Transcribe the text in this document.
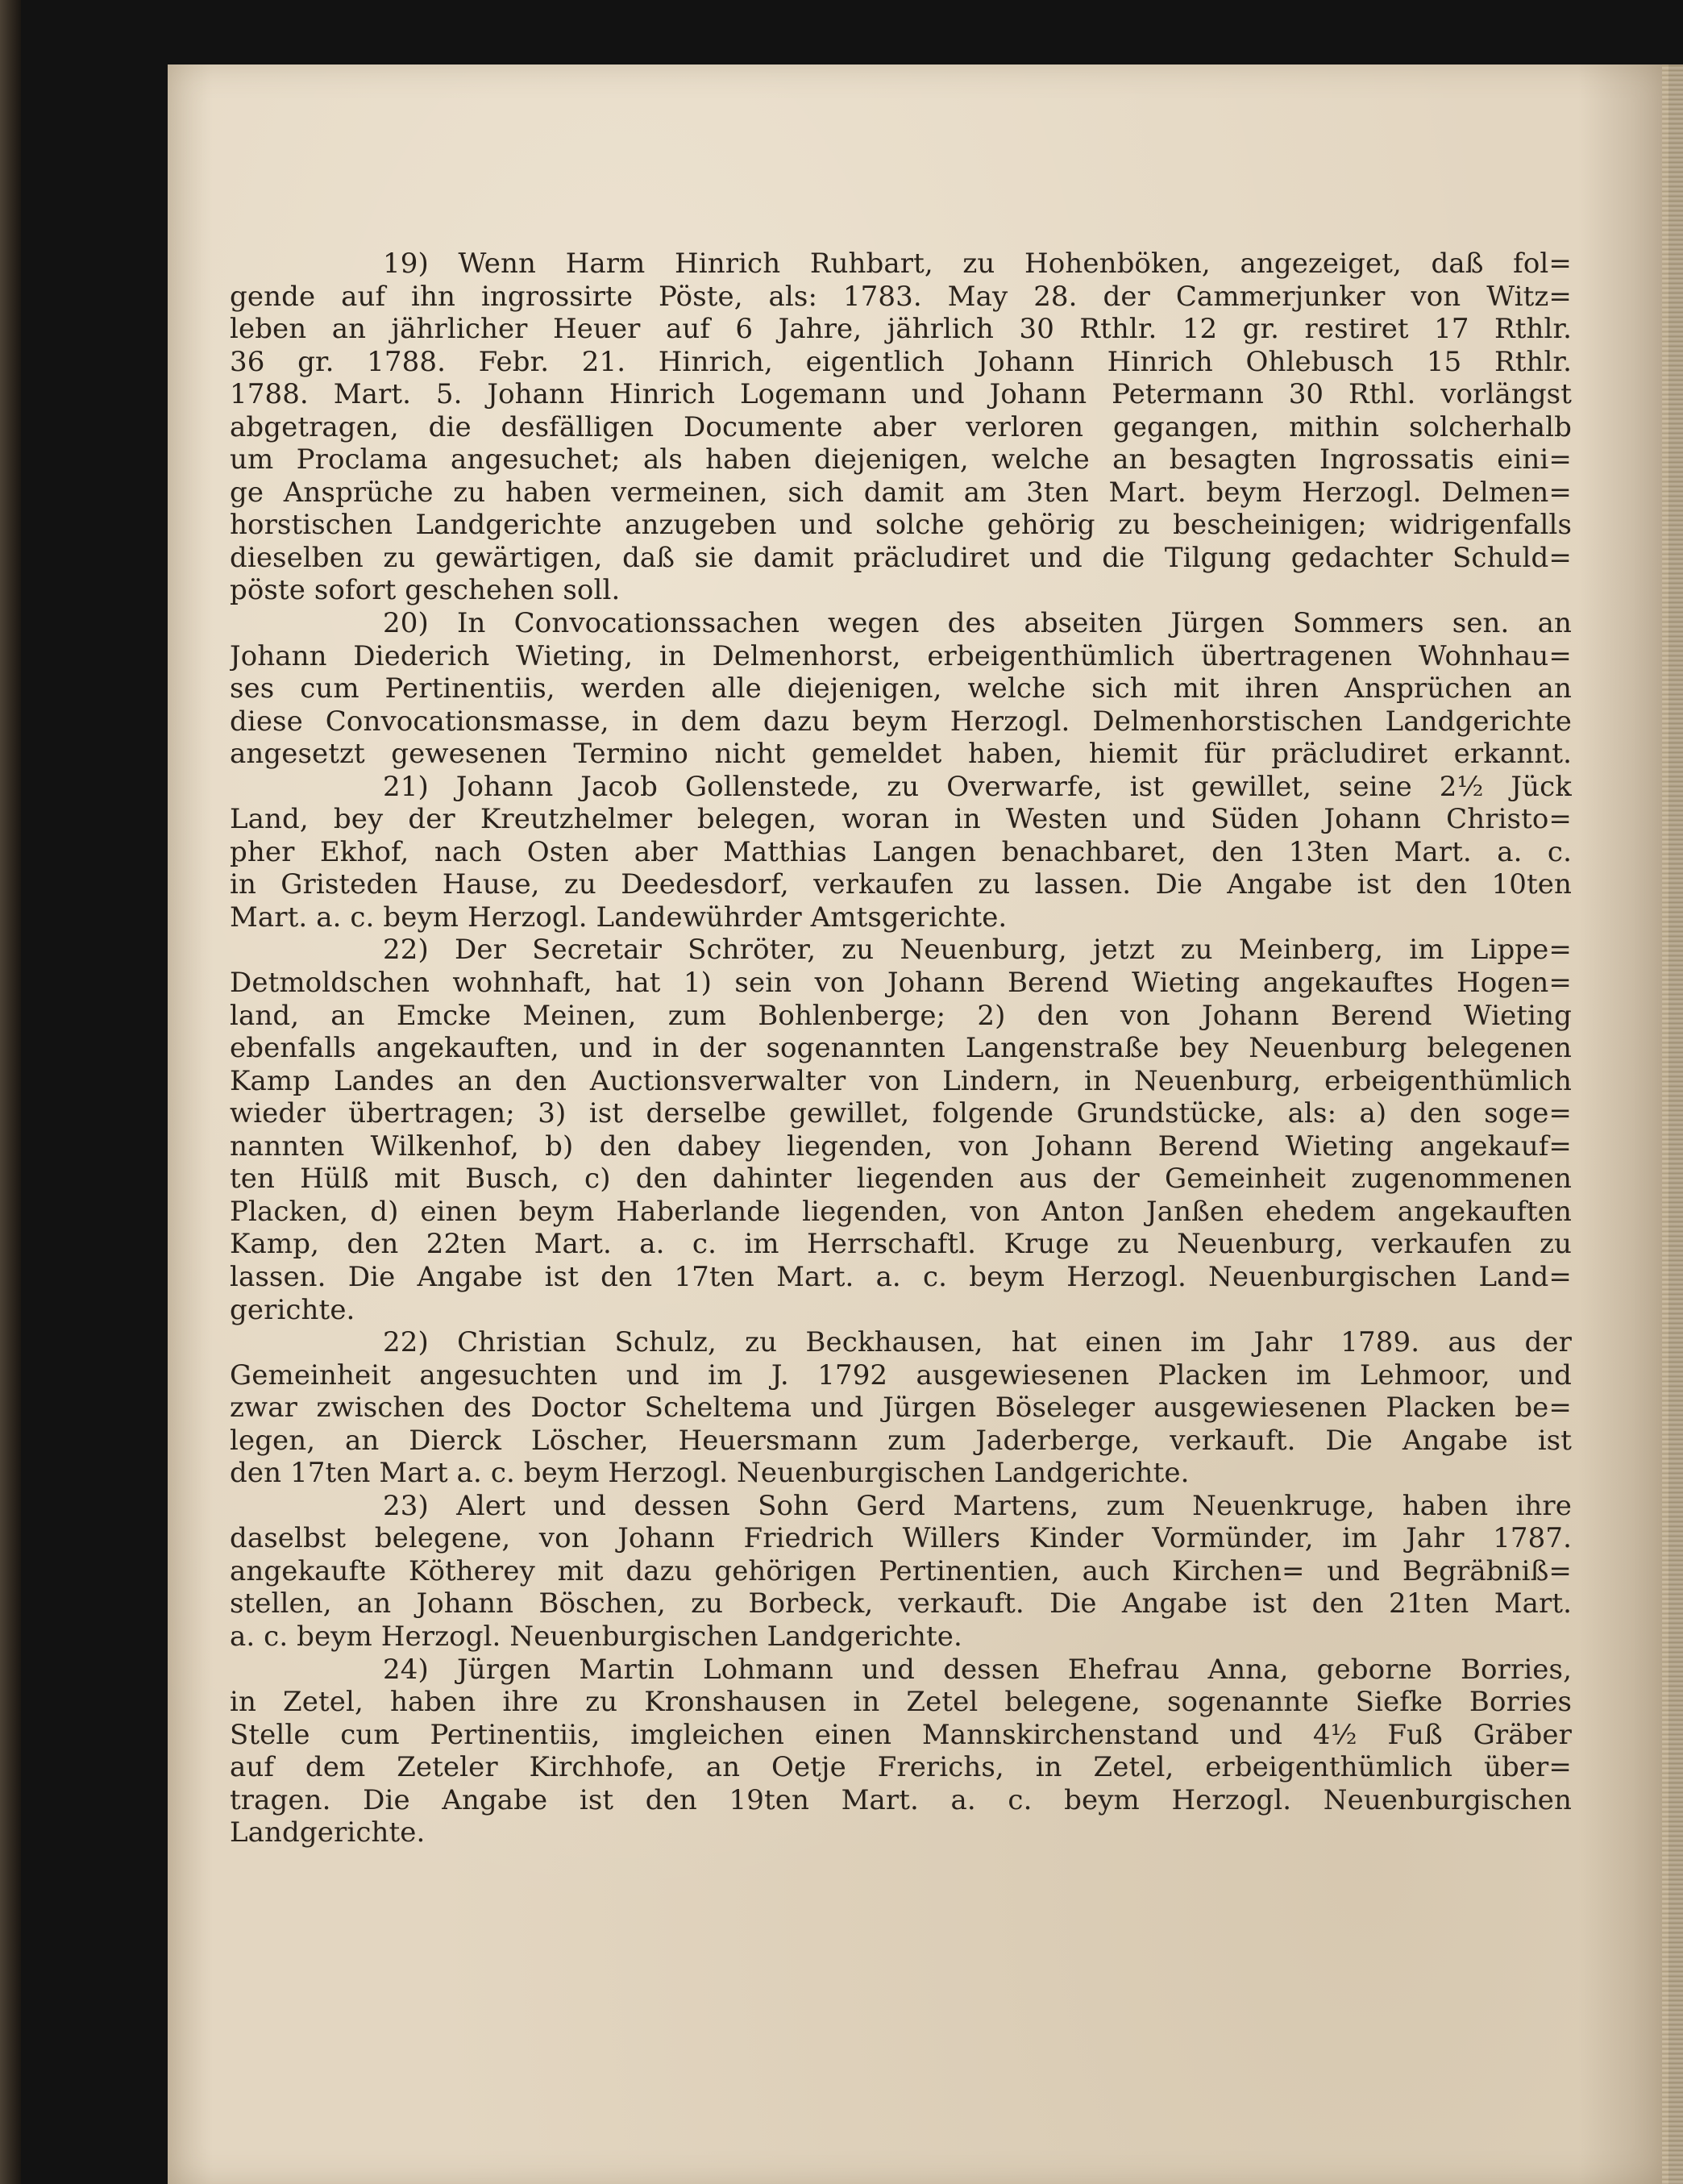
19) Wenn Harm Hinrich Ruhbart, zu Hohenböken, angezeiget, daß fol=
gende auf ihn ingrossirte Pöste, als: 1783. May 28. der Cammerjunker von Witz=
leben an jährlicher Heuer auf 6 Jahre, jährlich 30 Rthlr. 12 gr. restiret 17 Rthlr.
36 gr. 1788. Febr. 21. Hinrich, eigentlich Johann Hinrich Ohlebusch 15 Rthlr.
1788. Mart. 5. Johann Hinrich Logemann und Johann Petermann 30 Rthl. vorlängst
abgetragen, die desfälligen Documente aber verloren gegangen, mithin solcherhalb
um Proclama angesuchet; als haben diejenigen, welche an besagten Ingrossatis eini=
ge Ansprüche zu haben vermeinen, sich damit am 3ten Mart. beym Herzogl. Delmen=
horstischen Landgerichte anzugeben und solche gehörig zu bescheinigen; widrigenfalls
dieselben zu gewärtigen, daß sie damit präcludiret und die Tilgung gedachter Schuld=
pöste sofort geschehen soll.
20) In Convocationssachen wegen des abseiten Jürgen Sommers sen. an
Johann Diederich Wieting, in Delmenhorst, erbeigenthümlich übertragenen Wohnhau=
ses cum Pertinentiis, werden alle diejenigen, welche sich mit ihren Ansprüchen an
diese Convocationsmasse, in dem dazu beym Herzogl. Delmenhorstischen Landgerichte
angesetzt gewesenen Termino nicht gemeldet haben, hiemit für präcludiret erkannt.
21) Johann Jacob Gollenstede, zu Overwarfe, ist gewillet, seine 2½ Jück
Land, bey der Kreutzhelmer belegen, woran in Westen und Süden Johann Christo=
pher Ekhof, nach Osten aber Matthias Langen benachbaret, den 13ten Mart. a. c.
in Gristeden Hause, zu Deedesdorf, verkaufen zu lassen. Die Angabe ist den 10ten
Mart. a. c. beym Herzogl. Landewührder Amtsgerichte.
22) Der Secretair Schröter, zu Neuenburg, jetzt zu Meinberg, im Lippe=
Detmoldschen wohnhaft, hat 1) sein von Johann Berend Wieting angekauftes Hogen=
land, an Emcke Meinen, zum Bohlenberge; 2) den von Johann Berend Wieting
ebenfalls angekauften, und in der sogenannten Langenstraße bey Neuenburg belegenen
Kamp Landes an den Auctionsverwalter von Lindern, in Neuenburg, erbeigenthümlich
wieder übertragen; 3) ist derselbe gewillet, folgende Grundstücke, als: a) den soge=
nannten Wilkenhof, b) den dabey liegenden, von Johann Berend Wieting angekauf=
ten Hülß mit Busch, c) den dahinter liegenden aus der Gemeinheit zugenommenen
Placken, d) einen beym Haberlande liegenden, von Anton Janßen ehedem angekauften
Kamp, den 22ten Mart. a. c. im Herrschaftl. Kruge zu Neuenburg, verkaufen zu
lassen. Die Angabe ist den 17ten Mart. a. c. beym Herzogl. Neuenburgischen Land=
gerichte.
22) Christian Schulz, zu Beckhausen, hat einen im Jahr 1789. aus der
Gemeinheit angesuchten und im J. 1792 ausgewiesenen Placken im Lehmoor, und
zwar zwischen des Doctor Scheltema und Jürgen Böseleger ausgewiesenen Placken be=
legen, an Dierck Löscher, Heuersmann zum Jaderberge, verkauft. Die Angabe ist
den 17ten Mart a. c. beym Herzogl. Neuenburgischen Landgerichte.
23) Alert und dessen Sohn Gerd Martens, zum Neuenkruge, haben ihre
daselbst belegene, von Johann Friedrich Willers Kinder Vormünder, im Jahr 1787.
angekaufte Kötherey mit dazu gehörigen Pertinentien, auch Kirchen= und Begräbniß=
stellen, an Johann Böschen, zu Borbeck, verkauft. Die Angabe ist den 21ten Mart.
a. c. beym Herzogl. Neuenburgischen Landgerichte.
24) Jürgen Martin Lohmann und dessen Ehefrau Anna, geborne Borries,
in Zetel, haben ihre zu Kronshausen in Zetel belegene, sogenannte Siefke Borries
Stelle cum Pertinentiis, imgleichen einen Mannskirchenstand und 4½ Fuß Gräber
auf dem Zeteler Kirchhofe, an Oetje Frerichs, in Zetel, erbeigenthümlich über=
tragen. Die Angabe ist den 19ten Mart. a. c. beym Herzogl. Neuenburgischen
Landgerichte.
